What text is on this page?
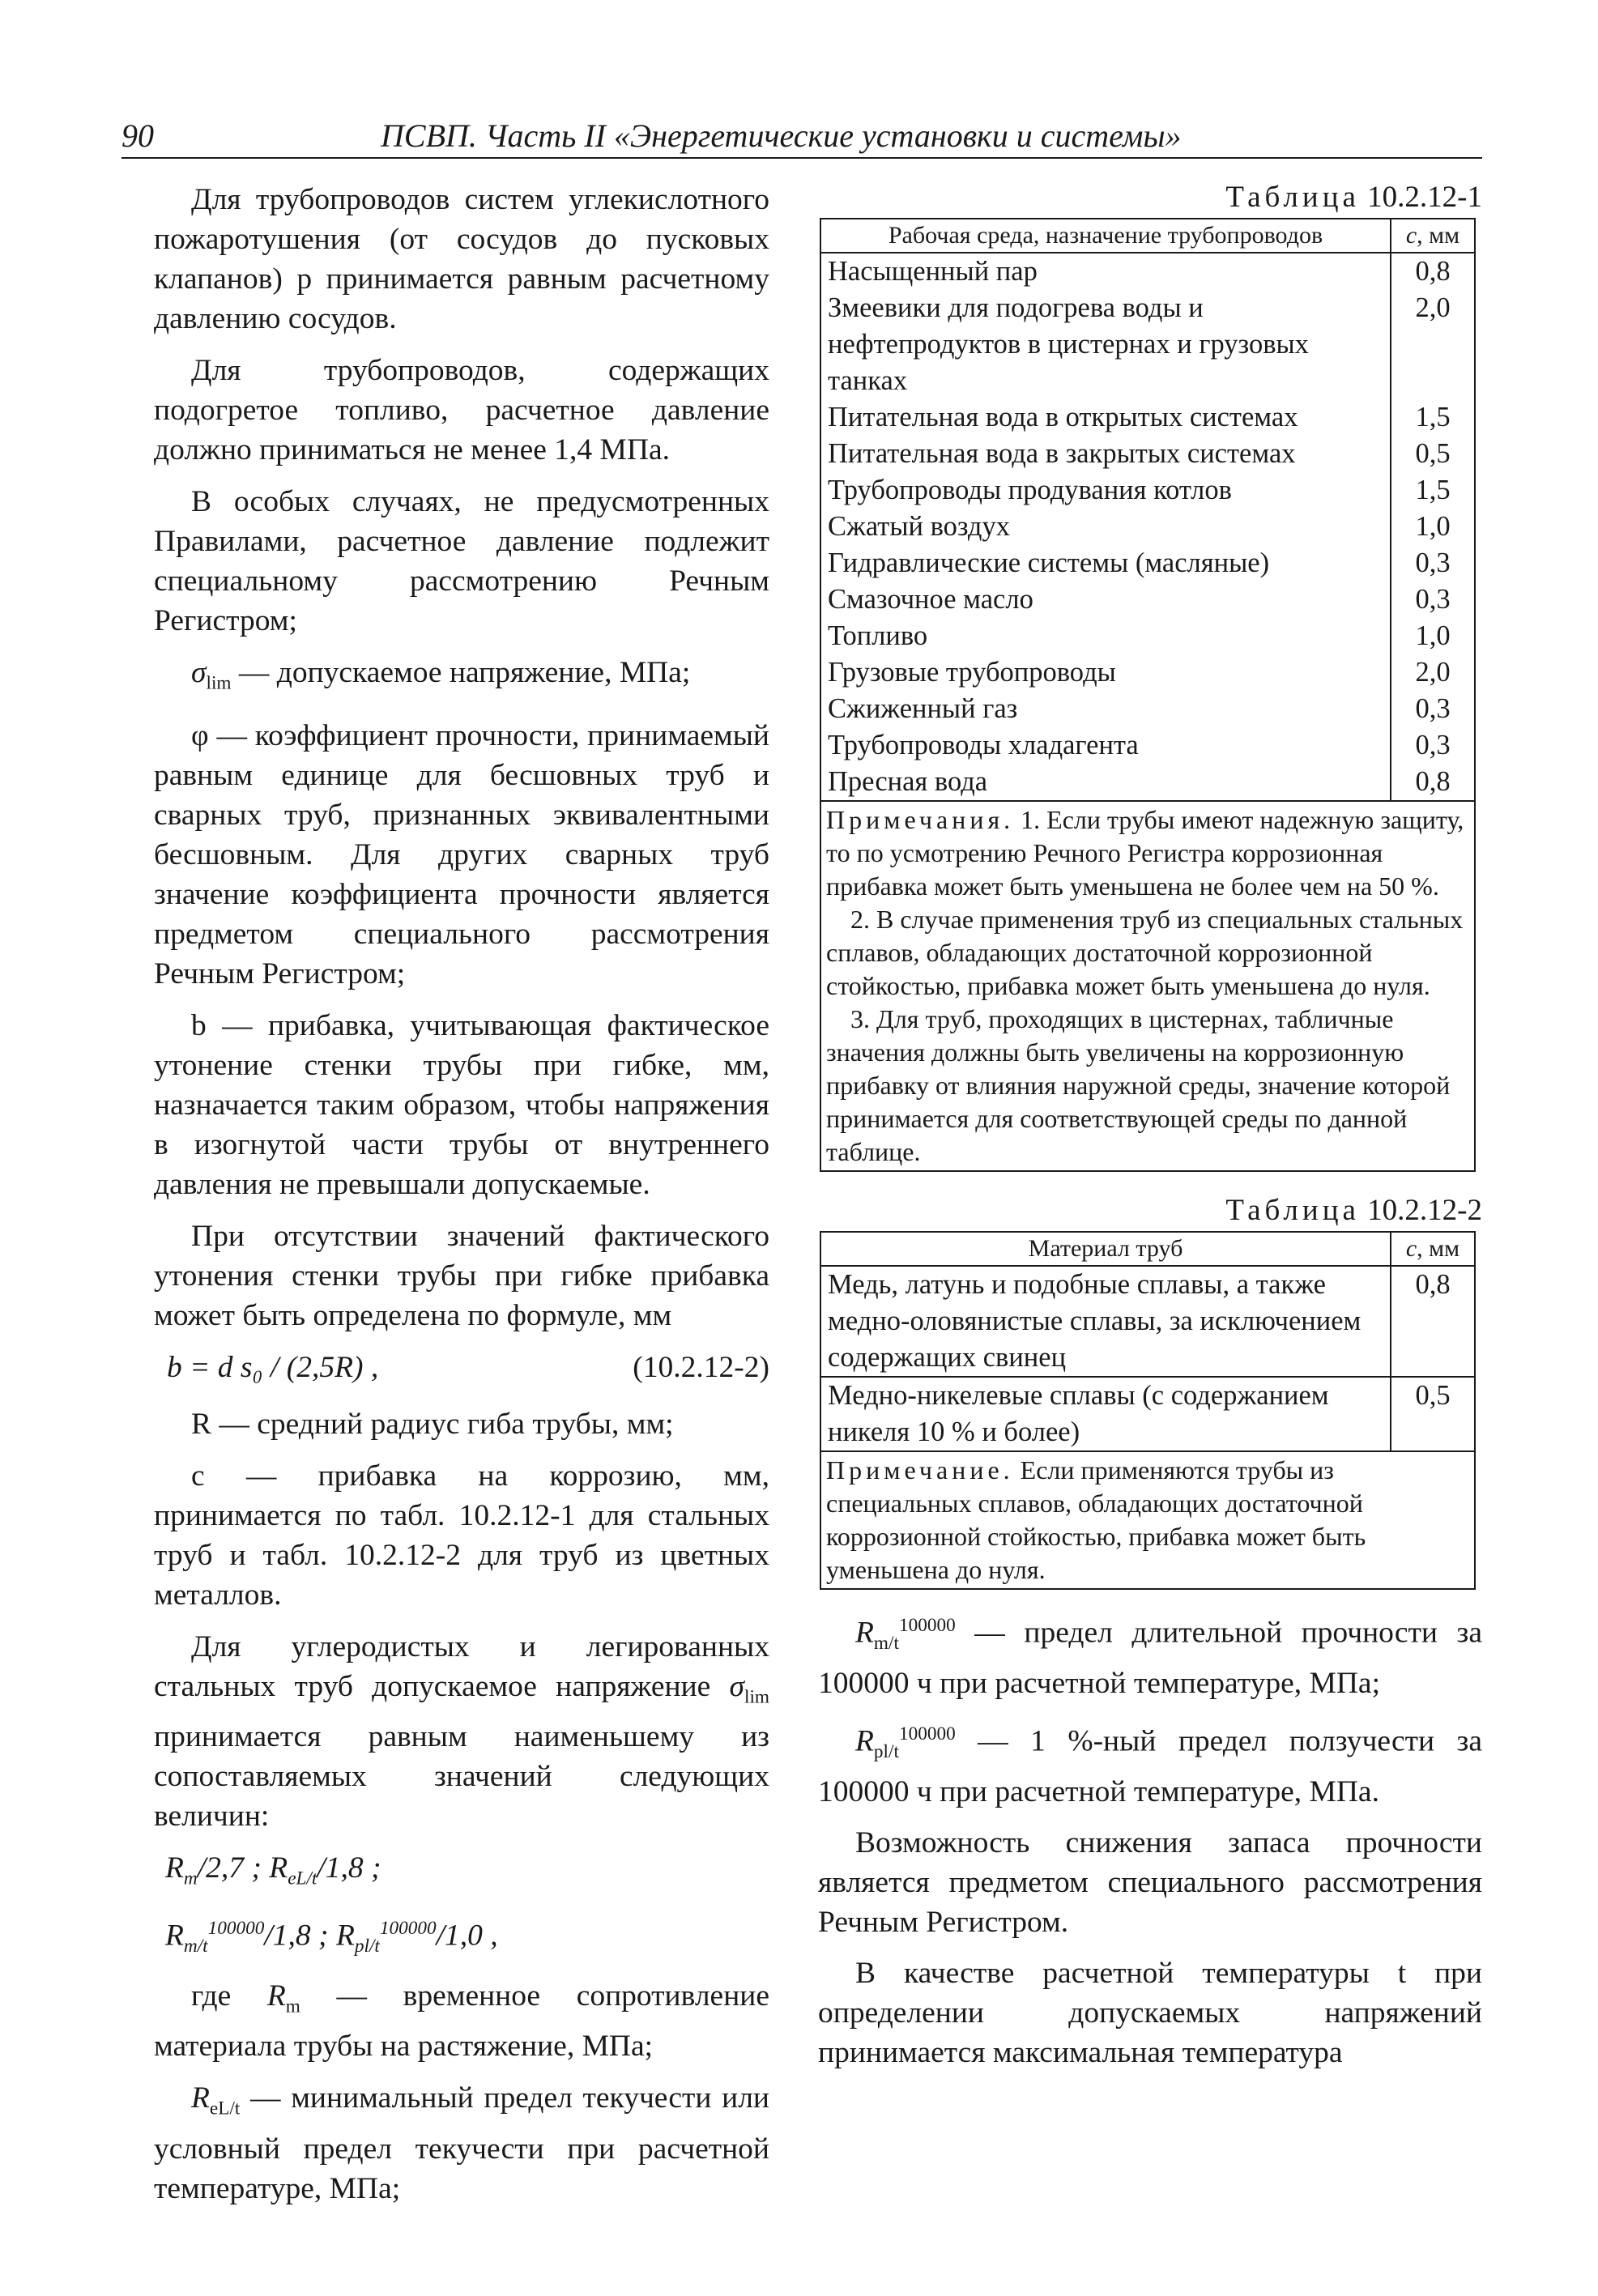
90	ПСВП. Часть II «Энергетические установки и системы»

Для трубопроводов систем углекислотного пожаротушения (от сосудов до пусковых клапанов) p принимается равным расчетному давлению сосудов.

Для трубопроводов, содержащих подогретое топливо, расчетное давление должно приниматься не менее 1,4 МПа.

В особых случаях, не предусмотренных Правилами, расчетное давление подлежит специальному рассмотрению Речным Регистром;

$\sigma_{lim}$ — допускаемое напряжение, МПа;

φ — коэффициент прочности, принимаемый равным единице для бесшовных труб и сварных труб, признанных эквивалентными бесшовным. Для других сварных труб значение коэффициента прочности является предметом специального рассмотрения Речным Регистром;

b — прибавка, учитывающая фактическое утонение стенки трубы при гибке, мм, назначается таким образом, чтобы напряжения в изогнутой части трубы от внутреннего давления не превышали допускаемые.

При отсутствии значений фактического утонения стенки трубы при гибке прибавка может быть определена по формуле, мм

b = d s₀ / (2,5R) ,	(10.2.12-2)

R — средний радиус гиба трубы, мм;

c — прибавка на коррозию, мм, принимается по табл. 10.2.12-1 для стальных труб и табл. 10.2.12-2 для труб из цветных металлов.

Для углеродистых и легированных стальных труб допускаемое напряжение $\sigma_{lim}$ принимается равным наименьшему из сопоставляемых значений следующих величин:

$R_m/2,7$ ; $R_{eL/t}/1,8$ ;

$R_{m/t}^{100000}/1,8$ ; $R_{pl/t}^{100000}/1,0$ ,

где $R_m$ — временное сопротивление материала трубы на растяжение, МПа;

$R_{eL/t}$ — минимальный предел текучести или условный предел текучести при расчетной температуре, МПа;

Таблица 10.2.12-1
Рабочая среда, назначение трубопроводов	c, мм
Насыщенный пар	0,8
Змеевики для подогрева воды и нефтепродуктов в цистернах и грузовых танках	2,0
Питательная вода в открытых системах	1,5
Питательная вода в закрытых системах	0,5
Трубопроводы продувания котлов	1,5
Сжатый воздух	1,0
Гидравлические системы (масляные)	0,3
Смазочное масло	0,3
Топливо	1,0
Грузовые трубопроводы	2,0
Сжиженный газ	0,3
Трубопроводы хладагента	0,3
Пресная вода	0,8

Примечания. 1. Если трубы имеют надежную защиту, то по усмотрению Речного Регистра коррозионная прибавка может быть уменьшена не более чем на 50 %.
2. В случае применения труб из специальных стальных сплавов, обладающих достаточной коррозионной стойкостью, прибавка может быть уменьшена до нуля.
3. Для труб, проходящих в цистернах, табличные значения должны быть увеличены на коррозионную прибавку от влияния наружной среды, значение которой принимается для соответствующей среды по данной таблице.	
Таблица 10.2.12-2
Материал труб	c, мм
Медь, латунь и подобные сплавы, а также медно-оловянистые сплавы, за исключением содержащих свинец	0,8
Медно-никелевые сплавы (с содержанием никеля 10 % и более)	0,5
Примечание. Если применяются трубы из специальных сплавов, обладающих достаточной коррозионной стойкостью, прибавка может быть уменьшена до нуля.	

$R_{m/t}^{100000}$ — предел длительной прочности за 100000 ч при расчетной температуре, МПа;

$R_{pl/t}^{100000}$ — 1 %-ный предел ползучести за 100000 ч при расчетной температуре, МПа.

Возможность снижения запаса прочности является предметом специального рассмотрения Речным Регистром.

В качестве расчетной температуры t при определении допускаемых напряжений принимается максимальная температура
